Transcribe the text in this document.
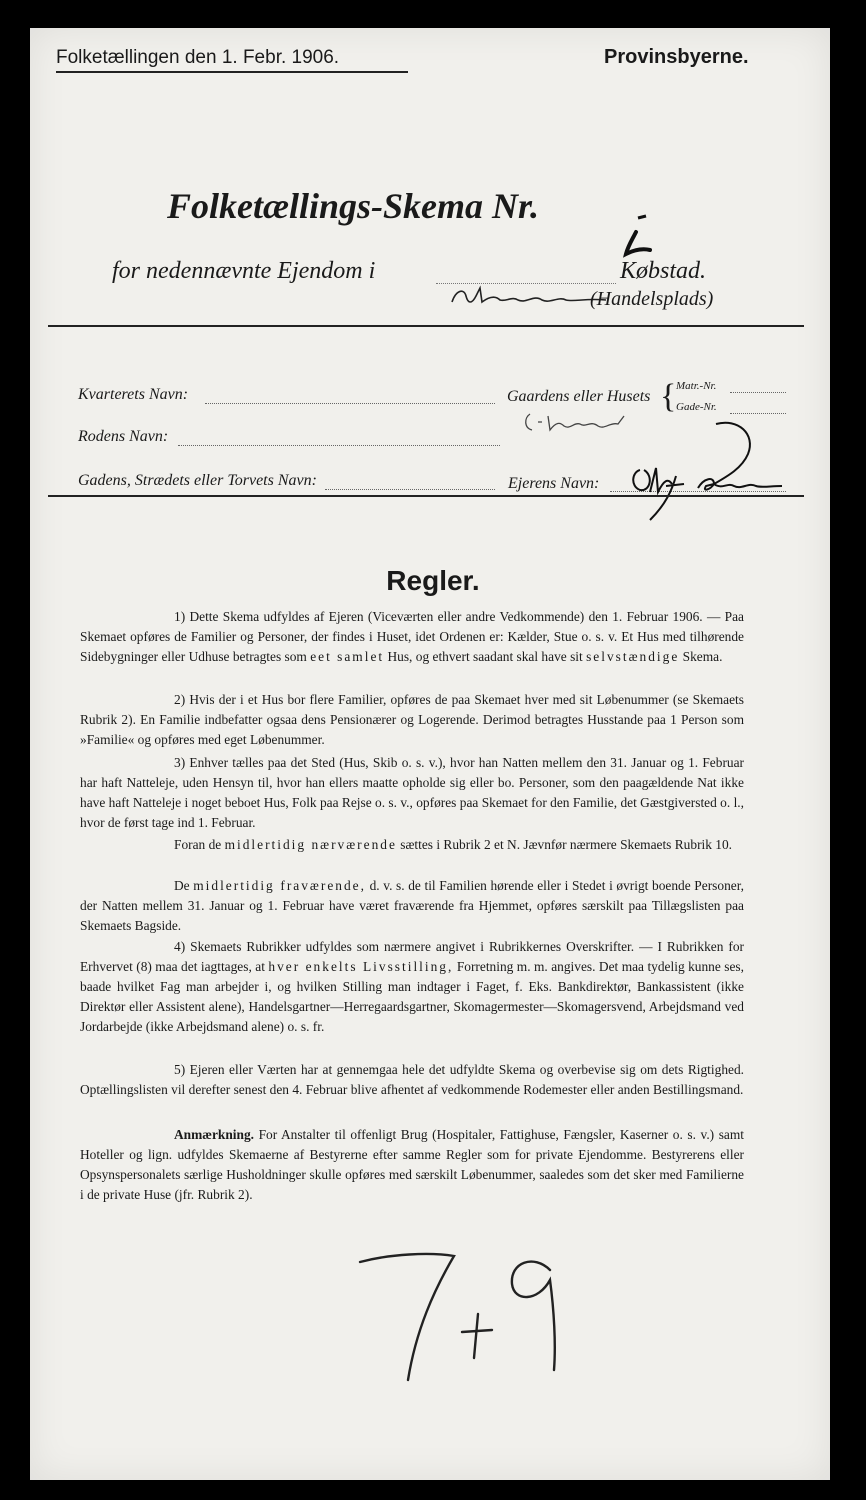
Folketællingen den 1. Febr. 1906.	Provinsbyerne.
Folketællings-Skema Nr.
for nedennævnte Ejendom i	Købstad.
(Handelsplads)
Kvarterets Navn:	Gaardens eller Husets { Matr.-Nr.
Gade-Nr.
Rodens Navn:
Gadens, Strædets eller Torvets Navn:	Ejerens Navn:
Regler.
1) Dette Skema udfyldes af Ejeren (Viceværten eller andre Vedkommende) den 1. Februar 1906. — Paa Skemaet opføres de Familier og Personer, der findes i Huset, idet Ordenen er: Kælder, Stue o. s. v. Et Hus med tilhørende Sidebygninger eller Udhuse betragtes som eet samlet Hus, og ethvert saadant skal have sit selvstændige Skema.
2) Hvis der i et Hus bor flere Familier, opføres de paa Skemaet hver med sit Løbenummer (se Skemaets Rubrik 2). En Familie indbefatter ogsaa dens Pensionærer og Logerende. Derimod betragtes Husstande paa 1 Person som »Familie« og opføres med eget Løbenummer.
3) Enhver tælles paa det Sted (Hus, Skib o. s. v.), hvor han Natten mellem den 31. Januar og 1. Februar har haft Natteleje, uden Hensyn til, hvor han ellers maatte opholde sig eller bo. Personer, som den paagældende Nat ikke have haft Natteleje i noget beboet Hus, Folk paa Rejse o. s. v., opføres paa Skemaet for den Familie, det Gæstgiversted o. l., hvor de først tage ind 1. Februar.
Foran de midlertidig nærværende sættes i Rubrik 2 et N. Jævnfør nærmere Skemaets Rubrik 10.
De midlertidig fraværende, d. v. s. de til Familien hørende eller i Stedet i øvrigt boende Personer, der Natten mellem 31. Januar og 1. Februar have været fraværende fra Hjemmet, opføres særskilt paa Tillægslisten paa Skemaets Bagside.
4) Skemaets Rubrikker udfyldes som nærmere angivet i Rubrikkernes Overskrifter. — I Rubrikken for Erhvervet (8) maa det iagttages, at hver enkelts Livsstilling, Forretning m. m. angives. Det maa tydelig kunne ses, baade hvilket Fag man arbejder i, og hvilken Stilling man indtager i Faget, f. Eks. Bankdirektør, Bankassistent (ikke Direktør eller Assistent alene), Handelsgartner—Herregaardsgartner, Skomagermester—Skomagersvend, Arbejdsmand ved Jordarbejde (ikke Arbejdsmand alene) o. s. fr.
5) Ejeren eller Værten har at gennemgaa hele det udfyldte Skema og overbevise sig om dets Rigtighed. Optællingslisten vil derefter senest den 4. Februar blive afhentet af vedkommende Rodemester eller anden Bestillingsmand.
Anmærkning. For Anstalter til offenligt Brug (Hospitaler, Fattighuse, Fængsler, Kaserner o. s. v.) samt Hoteller og lign. udfyldes Skemaerne af Bestyrerne efter samme Regler som for private Ejendomme. Bestyrerens eller Opsynspersonalets særlige Husholdninger skulle opføres med særskilt Løbenummer, saaledes som det sker med Familierne i de private Huse (jfr. Rubrik 2).
